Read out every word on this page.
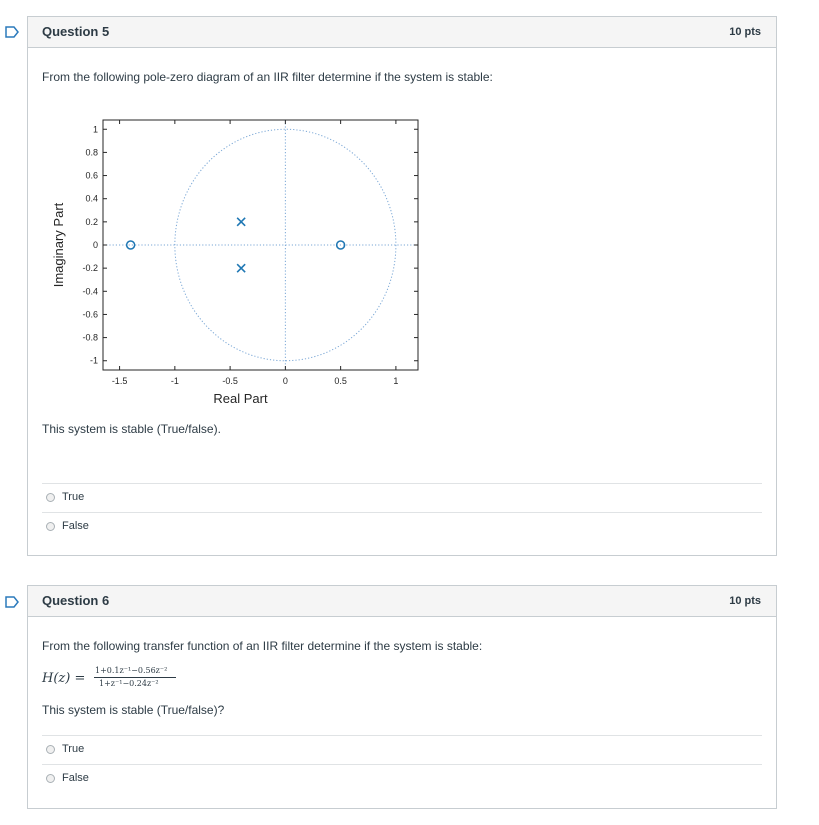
Question 5	10 pts
From the following pole-zero diagram of an IIR filter determine if the system is stable:
-1.5	-1	-0.5	0	0.5	1
1
0.8
0.6
0.4
0.2
0
-0.2
-0.4
-0.6
-0.8
-1
Real Part
Imaginary Part
This system is stable (True/false).
True
False
Question 6	10 pts
From the following transfer function of an IIR filter determine if the system is stable:
H(z) =
1+0.1z⁻¹−0.56z⁻²
1+z⁻¹−0.24z⁻²
This system is stable (True/false)?
True
False
